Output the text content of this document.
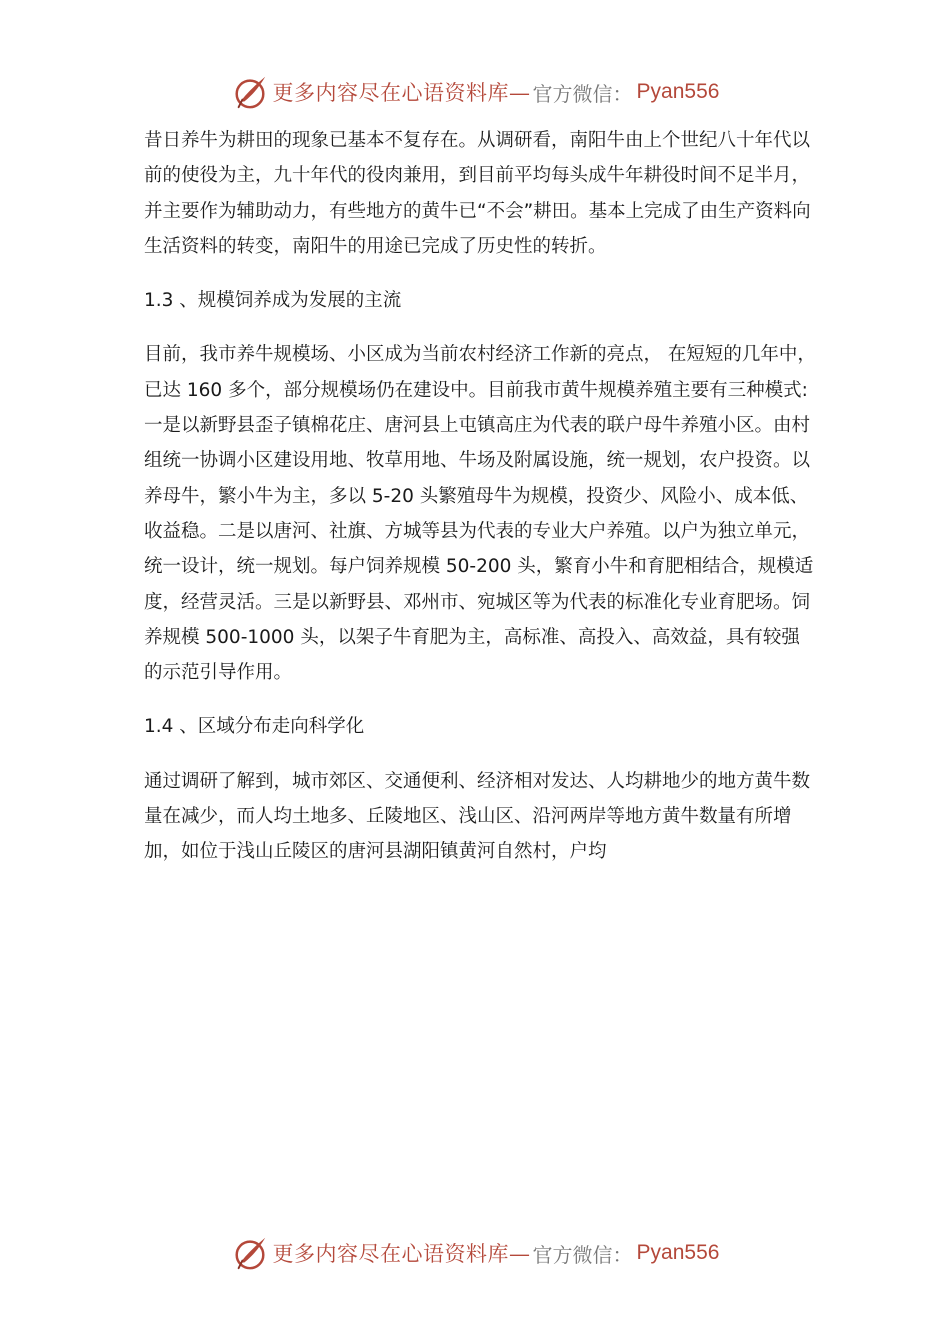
更多内容尽在心语资料库— 官方微信： Pyan556

昔日养牛为耕田的现象已基本不复存在。从调研看，南阳牛由上个世纪八十年代以前的使役为主，九十年代的役肉兼用，到目前平均每头成牛年耕役时间不足半月，并主要作为辅助动力，有些地方的黄牛已“不会”耕田。基本上完成了由生产资料向生活资料的转变，南阳牛的用途已完成了历史性的转折。

1.3 、规模饲养成为发展的主流

目前，我市养牛规模场、小区成为当前农村经济工作新的亮点， 在短短的几年中，已达 160 多个，部分规模场仍在建设中。目前我市黄牛规模养殖主要有三种模式:一是以新野县歪子镇棉花庄、唐河县上屯镇高庄为代表的联户母牛养殖小区。由村组统一协调小区建设用地、牧草用地、牛场及附属设施，统一规划，农户投资。以养母牛，繁小牛为主，多以 5-20 头繁殖母牛为规模，投资少、风险小、成本低、收益稳。二是以唐河、社旗、方城等县为代表的专业大户养殖。以户为独立单元，统一设计，统一规划。每户饲养规模 50-200 头，繁育小牛和育肥相结合，规模适度，经营灵活。三是以新野县、邓州市、宛城区等为代表的标准化专业育肥场。饲养规模 500-1000 头，以架子牛育肥为主，高标准、高投入、高效益，具有较强的示范引导作用。

1.4 、区域分布走向科学化

通过调研了解到，城市郊区、交通便利、经济相对发达、人均耕地少的地方黄牛数量在减少，而人均土地多、丘陵地区、浅山区、沿河两岸等地方黄牛数量有所增加，如位于浅山丘陵区的唐河县湖阳镇黄河自然村，户均

更多内容尽在心语资料库— 官方微信： Pyan556
